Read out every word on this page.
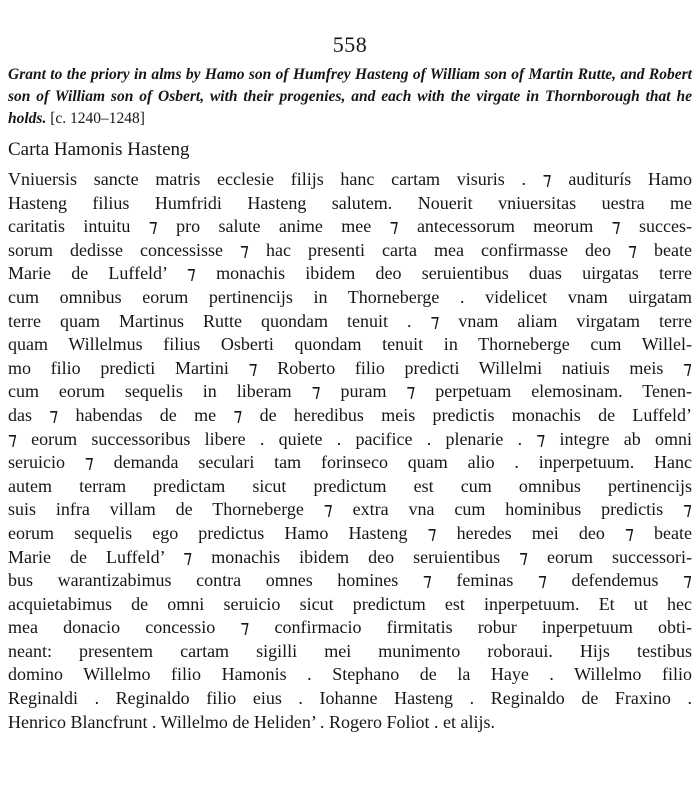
558

Grant to the priory in alms by Hamo son of Humfrey Hasteng of William son of Martin Rutte, and Robert son of William son of Osbert, with their progenies, and each with the virgate in Thornborough that he holds. [c. 1240–1248]

Carta Hamonis Hasteng
Vniuersis sancte matris ecclesie filijs hanc cartam visuris . ⁊ auditurís Hamo
Hasteng filius Humfridi Hasteng salutem. Nouerit vniuersitas uestra me
caritatis intuitu ⁊ pro salute anime mee ⁊ antecessorum meorum ⁊ succes-
sorum dedisse concessisse ⁊ hac presenti carta mea confirmasse deo ⁊ beate
Marie de Luffeld’ ⁊ monachis ibidem deo seruientibus duas uirgatas terre
cum omnibus eorum pertinencijs in Thorneberge . videlicet vnam uirgatam
terre quam Martinus Rutte quondam tenuit . ⁊ vnam aliam virgatam terre
quam Willelmus filius Osberti quondam tenuit in Thorneberge cum Willel-
mo filio predicti Martini ⁊ Roberto filio predicti Willelmi natiuis meis ⁊
cum eorum sequelis in liberam ⁊ puram ⁊ perpetuam elemosinam. Tenen-
das ⁊ habendas de me ⁊ de heredibus meis predictis monachis de Luffeld’
⁊ eorum successoribus libere . quiete . pacifice . plenarie . ⁊ integre ab omni
seruicio ⁊ demanda seculari tam forinseco quam alio . inperpetuum. Hanc
autem terram predictam sicut predictum est cum omnibus pertinencijs
suis infra villam de Thorneberge ⁊ extra vna cum hominibus predictis ⁊
eorum sequelis ego predictus Hamo Hasteng ⁊ heredes mei deo ⁊ beate
Marie de Luffeld’ ⁊ monachis ibidem deo seruientibus ⁊ eorum successori-
bus warantizabimus contra omnes homines ⁊ feminas ⁊ defendemus ⁊
acquietabimus de omni seruicio sicut predictum est inperpetuum. Et ut hec
mea donacio concessio ⁊ confirmacio firmitatis robur inperpetuum obti-
neant: presentem cartam sigilli mei munimento roboraui. Hijs testibus
domino Willelmo filio Hamonis . Stephano de la Haye . Willelmo filio
Reginaldi . Reginaldo filio eius . Iohanne Hasteng . Reginaldo de Fraxino .
Henrico Blancfrunt . Willelmo de Heliden’ . Rogero Foliot . et alijs.
